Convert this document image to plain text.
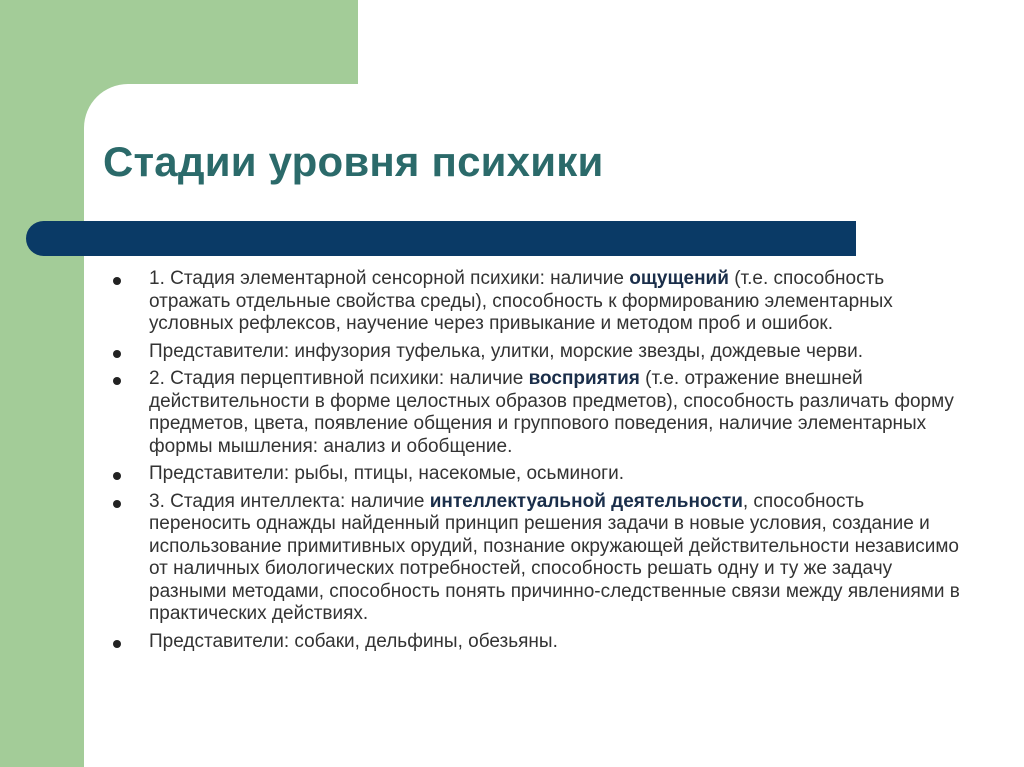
Стадии уровня психики
1. Стадия элементарной сенсорной психики: наличие ощущений (т.е. способность отражать отдельные свойства среды), способность к формированию элементарных условных рефлексов, научение через привыкание и методом проб и ошибок.
Представители: инфузория туфелька, улитки, морские звезды, дождевые черви.
2. Стадия перцептивной психики: наличие восприятия (т.е. отражение внешней действительности в форме целостных образов предметов), способность различать форму предметов, цвета, появление общения и группового поведения, наличие элементарных формы мышления: анализ и обобщение.
Представители: рыбы, птицы, насекомые, осьминоги.
3. Стадия интеллекта: наличие интеллектуальной деятельности, способность переносить однажды найденный принцип решения задачи в новые условия, создание и использование примитивных орудий, познание окружающей действительности независимо от наличных биологических потребностей, способность решать одну и ту же задачу разными методами, способность понять причинно-следственные связи между явлениями в практических действиях.
Представители: собаки, дельфины, обезьяны.
